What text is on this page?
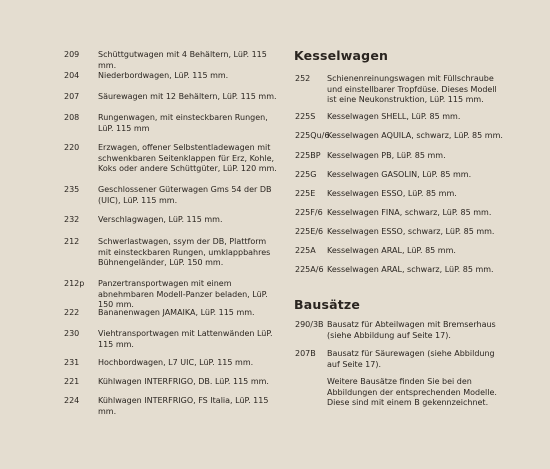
209 Schüttgutwagen mit 4 Behältern, LüP. 115 mm.
204 Niederbordwagen, LüP. 115 mm.
207 Säurewagen mit 12 Behältern, LüP. 115 mm.
208 Rungenwagen, mit einsteckbaren Rungen, LüP. 115 mm
220 Erzwagen, offener Selbstentladewagen mit schwenkbaren Seitenklappen für Erz, Kohle, Koks oder andere Schüttgüter, LüP. 120 mm.
235 Geschlossener Güterwagen Gms 54 der DB (UIC), LüP. 115 mm.
232 Verschlagwagen, LüP. 115 mm.
212 Schwerlastwagen, ssym der DB, Plattform mit einsteckbaren Rungen, umklappbahres Bühnengeländer, LüP. 150 mm.
212p Panzertransportwagen mit einem abnehmbaren Modell-Panzer beladen, LüP. 150 mm.
222 Bananenwagen JAMAIKA, LüP. 115 mm.
230 Viehtransportwagen mit Lattenwänden LüP. 115 mm.
231 Hochbordwagen, L7 UIC, LüP. 115 mm.
221 Kühlwagen INTERFRIGO, DB. LüP. 115 mm.
224 Kühlwagen INTERFRIGO, FS Italia, LüP. 115 mm.
Kesselwagen
252 Schienenreinungswagen mit Füllschraube und einstellbarer Tropfdüse. Dieses Modell ist eine Neukonstruktion, LüP. 115 mm.
225S Kesselwagen SHELL, LüP. 85 mm.
225Qu/6
Kesselwagen AQUILA, schwarz, LüP. 85 mm.
225BP Kesselwagen PB, LüP. 85 mm.
225G Kesselwagen GASOLIN, LüP. 85 mm.
225E Kesselwagen ESSO, LüP. 85 mm.
225F/6 Kesselwagen FINA, schwarz, LüP. 85 mm.
225E/6 Kesselwagen ESSO, schwarz, LüP. 85 mm.
225A Kesselwagen ARAL, LüP. 85 mm.
225A/6 Kesselwagen ARAL, schwarz, LüP. 85 mm.
Bausätze
290/3B Bausatz für Abteilwagen mit Bremserhaus (siehe Abbildung auf Seite 17).
207B Bausatz für Säurewagen (siehe Abbildung auf Seite 17).
Weitere Bausätze finden Sie bei den Abbildungen der entsprechenden Modelle. Diese sind mit einem B gekennzeichnet.
